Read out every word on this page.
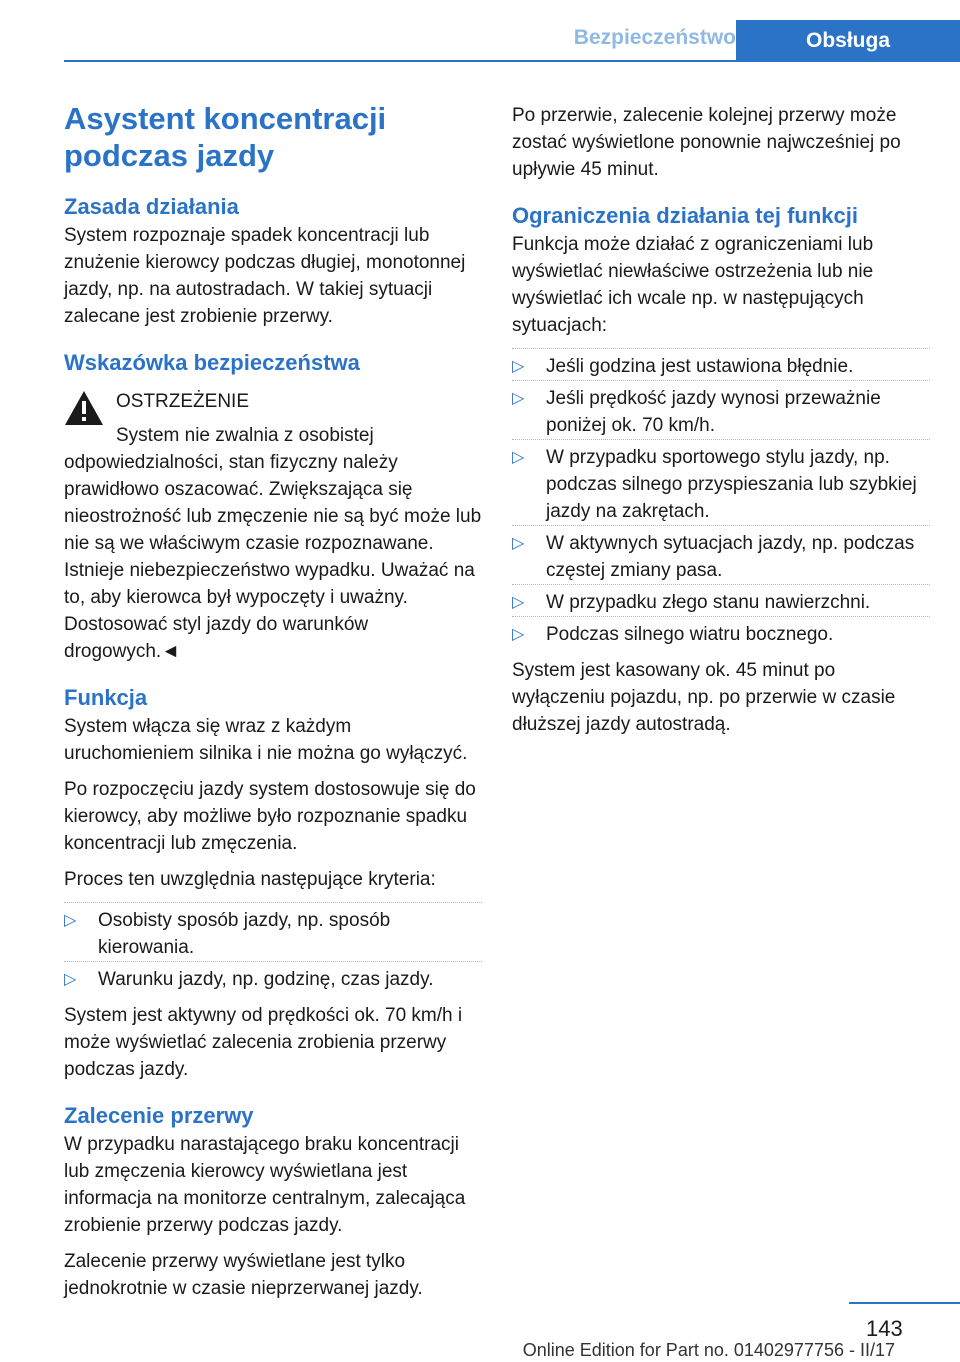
Bezpieczeństwo	Obsługa
Asystent koncentracji podczas jazdy
Zasada działania

System rozpoznaje spadek koncentracji lub znużenie kierowcy podczas długiej, monotonnej jazdy, np. na autostradach. W takiej sytuacji zalecane jest zrobienie przerwy.

Wskazówka bezpieczeństwa
OSTRZEŻENIE

System nie zwalnia z osobistej odpowiedzialności, stan fizyczny należy prawidłowo oszacować. Zwiększająca się nieostrożność lub zmęczenie nie są być może lub nie są we właściwym czasie rozpoznawane. Istnieje niebezpieczeństwo wypadku. Uważać na to, aby kierowca był wypoczęty i uważny. Dostosować styl jazdy do warunków drogowych.◄

Funkcja

System włącza się wraz z każdym uruchomieniem silnika i nie można go wyłączyć.

Po rozpoczęciu jazdy system dostosowuje się do kierowcy, aby możliwe było rozpoznanie spadku koncentracji lub zmęczenia.

Proces ten uwzględnia następujące kryteria:

▷ Osobisty sposób jazdy, np. sposób kierowania.
▷ Warunku jazdy, np. godzinę, czas jazdy.

System jest aktywny od prędkości ok. 70 km/h i może wyświetlać zalecenia zrobienia przerwy podczas jazdy.

Zalecenie przerwy

W przypadku narastającego braku koncentracji lub zmęczenia kierowcy wyświetlana jest informacja na monitorze centralnym, zalecająca zrobienie przerwy podczas jazdy.

Zalecenie przerwy wyświetlane jest tylko jednokrotnie w czasie nieprzerwanej jazdy.

Po przerwie, zalecenie kolejnej przerwy może zostać wyświetlone ponownie najwcześniej po upływie 45 minut.

Ograniczenia działania tej funkcji

Funkcja może działać z ograniczeniami lub wyświetlać niewłaściwe ostrzeżenia lub nie wyświetlać ich wcale np. w następujących sytuacjach:

▷ Jeśli godzina jest ustawiona błędnie.
▷ Jeśli prędkość jazdy wynosi przeważnie poniżej ok. 70 km/h.
▷ W przypadku sportowego stylu jazdy, np. podczas silnego przyspieszania lub szybkiej jazdy na zakrętach.
▷ W aktywnych sytuacjach jazdy, np. podczas częstej zmiany pasa.
▷ W przypadku złego stanu nawierzchni.
▷ Podczas silnego wiatru bocznego.

System jest kasowany ok. 45 minut po wyłączeniu pojazdu, np. po przerwie w czasie dłuższej jazdy autostradą.

143
Online Edition for Part no. 01402977756 - II/17
